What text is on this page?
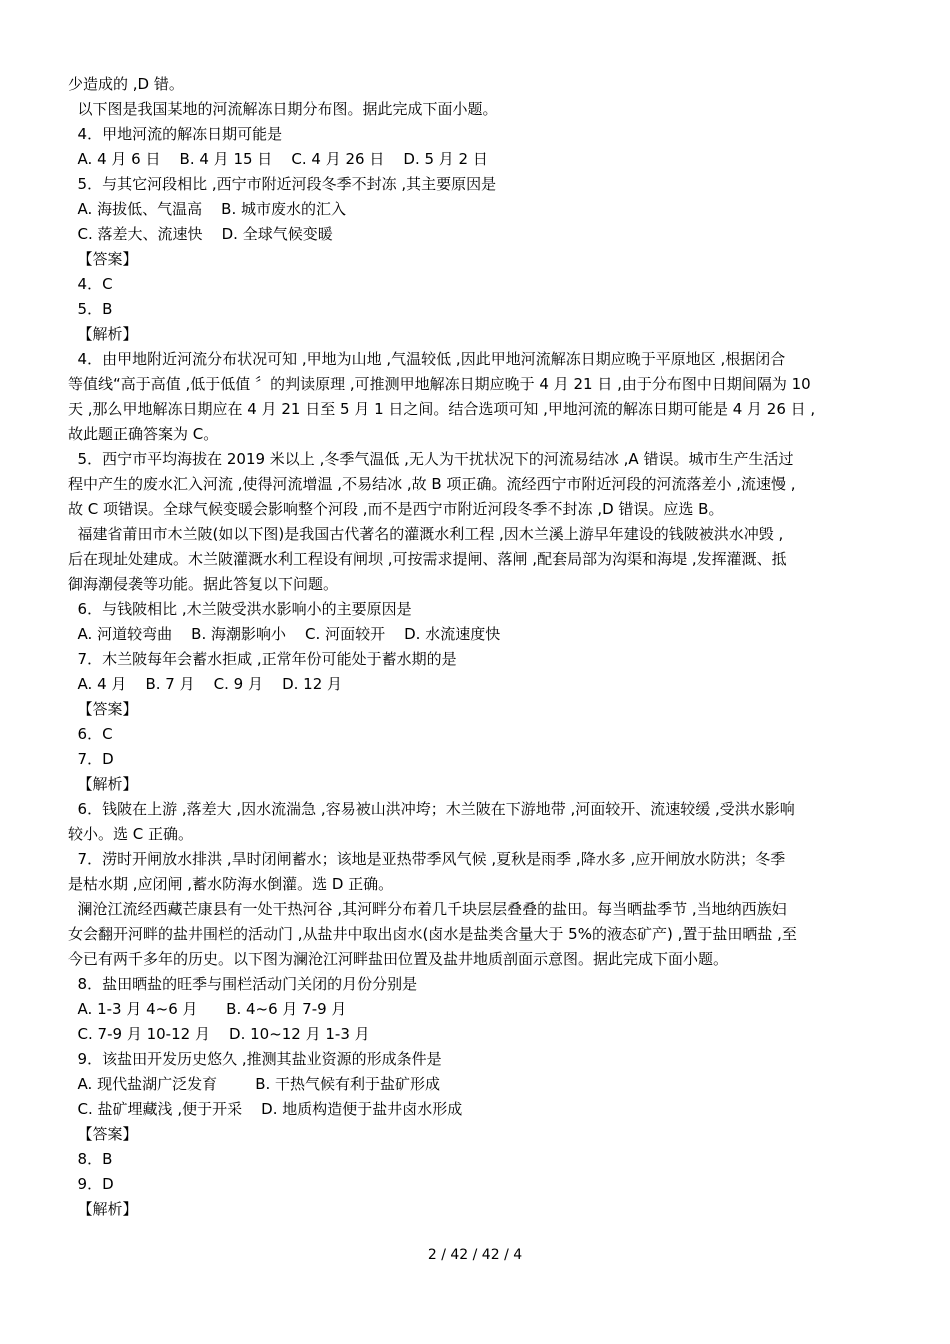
少造成的 ,D 错。

以下图是我国某地的河流解冻日期分布图。据此完成下面小题。

4．甲地河流的解冻日期可能是

A. 4 月 6 日    B. 4 月 15 日    C. 4 月 26 日    D. 5 月 2 日

5．与其它河段相比 ,西宁市附近河段冬季不封冻 ,其主要原因是

A. 海拔低、气温高    B. 城市废水的汇入

C. 落差大、流速快    D. 全球气候变暖

【答案】

4．C

5．B

【解析】

4．由甲地附近河流分布状况可知 ,甲地为山地 ,气温较低 ,因此甲地河流解冻日期应晚于平原地区 ,根据闭合

等值线“高于高值 ,低于低值 〞的判读原理 ,可推测甲地解冻日期应晚于 4 月 21 日 ,由于分布图中日期间隔为 10

天 ,那么甲地解冻日期应在 4 月 21 日至 5 月 1 日之间。结合选项可知 ,甲地河流的解冻日期可能是 4 月 26 日 ,

故此题正确答案为 C。

5．西宁市平均海拔在 2019 米以上 ,冬季气温低 ,无人为干扰状况下的河流易结冰 ,A 错误。城市生产生活过

程中产生的废水汇入河流 ,使得河流增温 ,不易结冰 ,故 B 项正确。流经西宁市附近河段的河流落差小 ,流速慢 ,

故 C 项错误。全球气候变暖会影响整个河段 ,而不是西宁市附近河段冬季不封冻 ,D 错误。应选 B。

福建省莆田市木兰陂(如以下图)是我国古代著名的灌溉水利工程 ,因木兰溪上游早年建设的钱陂被洪水冲毁 ,

后在现址处建成。木兰陂灌溉水利工程设有闸坝 ,可按需求提闸、落闸 ,配套局部为沟渠和海堤 ,发挥灌溉、抵

御海潮侵袭等功能。据此答复以下问题。

6．与钱陂相比 ,木兰陂受洪水影响小的主要原因是

A. 河道较弯曲    B. 海潮影响小    C. 河面较开    D. 水流速度快

7．木兰陂每年会蓄水拒咸 ,正常年份可能处于蓄水期的是

A. 4 月    B. 7 月    C. 9 月    D. 12 月

【答案】

6．C

7．D

【解析】

6．钱陂在上游 ,落差大 ,因水流湍急 ,容易被山洪冲垮；木兰陂在下游地带 ,河面较开、流速较缓 ,受洪水影响

较小。选 C 正确。

7．涝时开闸放水排洪 ,旱时闭闸蓄水；该地是亚热带季风气候 ,夏秋是雨季 ,降水多 ,应开闸放水防洪；冬季

是枯水期 ,应闭闸 ,蓄水防海水倒灌。选 D 正确。

澜沧江流经西藏芒康县有一处干热河谷 ,其河畔分布着几千块层层叠叠的盐田。每当晒盐季节 ,当地纳西族妇

女会翻开河畔的盐井围栏的活动门 ,从盐井中取出卤水(卤水是盐类含量大于 5%的液态矿产) ,置于盐田晒盐 ,至

今已有两千多年的历史。以下图为澜沧江河畔盐田位置及盐井地质剖面示意图。据此完成下面小题。

8．盐田晒盐的旺季与围栏活动门关闭的月份分别是

A. 1-3 月 4~6 月      B. 4~6 月 7-9 月

C. 7-9 月 10-12 月    D. 10~12 月 1-3 月

9．该盐田开发历史悠久 ,推测其盐业资源的形成条件是

A. 现代盐湖广泛发育        B. 干热气候有利于盐矿形成

C. 盐矿埋藏浅 ,便于开采    D. 地质构造便于盐井卤水形成

【答案】

8．B

9．D

【解析】

2 / 42 / 42 / 4
